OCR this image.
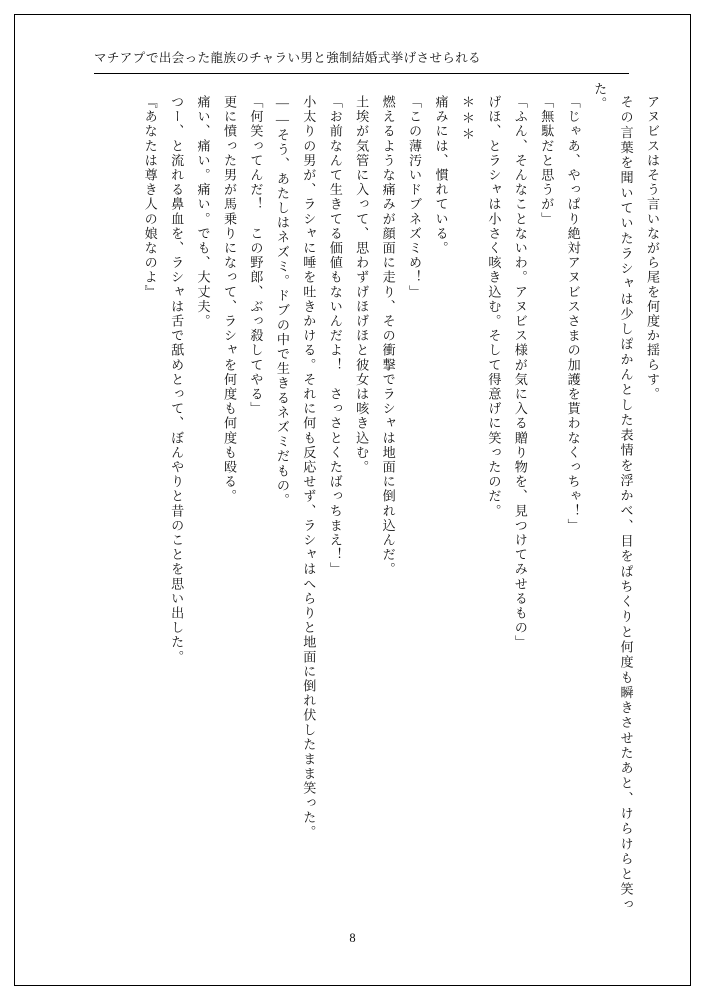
マチアプで出会った龍族のチャラい男と強制結婚式挙げさせられる
アヌビスはそう言いながら尾を何度か揺らす。
その言葉を聞いていたラシャは少しぽかんとした表情を浮かべ、目をぱちくりと何度も瞬きさせたあと、けらけらと笑った。
「じゃあ、やっぱり絶対アヌビスさまの加護を貰わなくっちゃ！」
「無駄だと思うが」
「ふん、そんなことないわ。アヌビス様が気に入る贈り物を、見つけてみせるもの」
げほ、とラシャは小さく咳き込む。そして得意げに笑ったのだ。
＊＊＊
痛みには、慣れている。
「この薄汚いドブネズミめ！」
燃えるような痛みが顔面に走り、その衝撃でラシャは地面に倒れ込んだ。
土埃が気管に入って、思わずげほげほと彼女は咳き込む。
「お前なんて生きてる価値もないんだよ！　さっさとくたばっちまえ！」
小太りの男が、ラシャに唾を吐きかける。それに何も反応せず、ラシャはへらりと地面に倒れ伏したまま笑った。
――そう、あたしはネズミ。ドブの中で生きるネズミだもの。
「何笑ってんだ！　この野郎、ぶっ殺してやる」
更に憤った男が馬乗りになって、ラシャを何度も何度も殴る。
痛い、痛い。痛い。でも、大丈夫。
つー、と流れる鼻血を、ラシャは舌で舐めとって、ぼんやりと昔のことを思い出した。
『あなたは尊き人の娘なのよ』
8
